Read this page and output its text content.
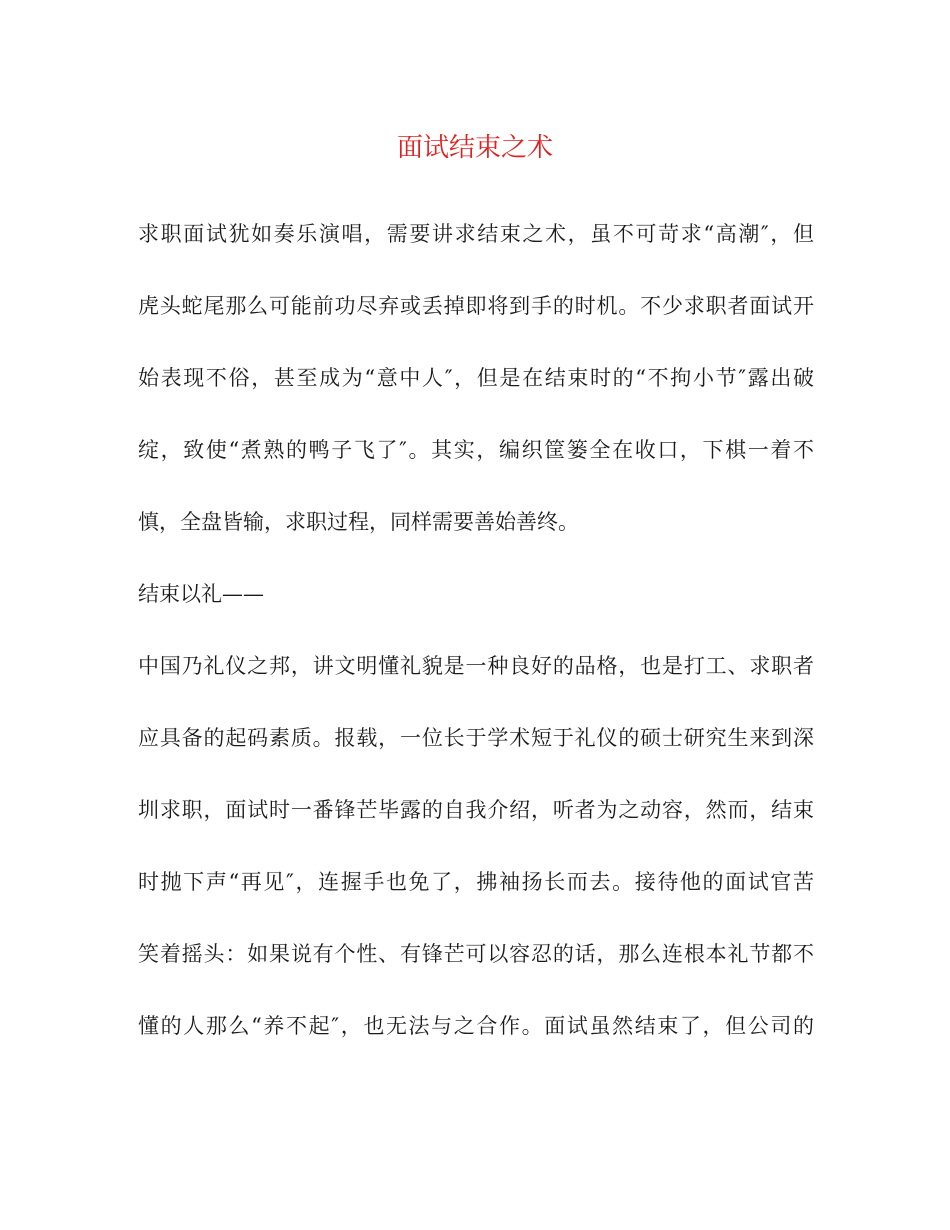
面试结束之术

求职面试犹如奏乐演唱，需要讲求结束之术，虽不可苛求“高潮″，但

虎头蛇尾那么可能前功尽弃或丢掉即将到手的时机。不少求职者面试开

始表现不俗，甚至成为“意中人″，但是在结束时的“不拘小节″露出破

绽，致使“煮熟的鸭子飞了″。其实，编织筐篓全在收口，下棋一着不

慎，全盘皆输，求职过程，同样需要善始善终。

结束以礼——

中国乃礼仪之邦，讲文明懂礼貌是一种良好的品格，也是打工、求职者

应具备的起码素质。报载，一位长于学术短于礼仪的硕士研究生来到深

圳求职，面试时一番锋芒毕露的自我介绍，听者为之动容，然而，结束

时抛下声“再见″，连握手也免了，拂袖扬长而去。接待他的面试官苦

笑着摇头：如果说有个性、有锋芒可以容忍的话，那么连根本礼节都不

懂的人那么“养不起″，也无法与之合作。面试虽然结束了，但公司的
